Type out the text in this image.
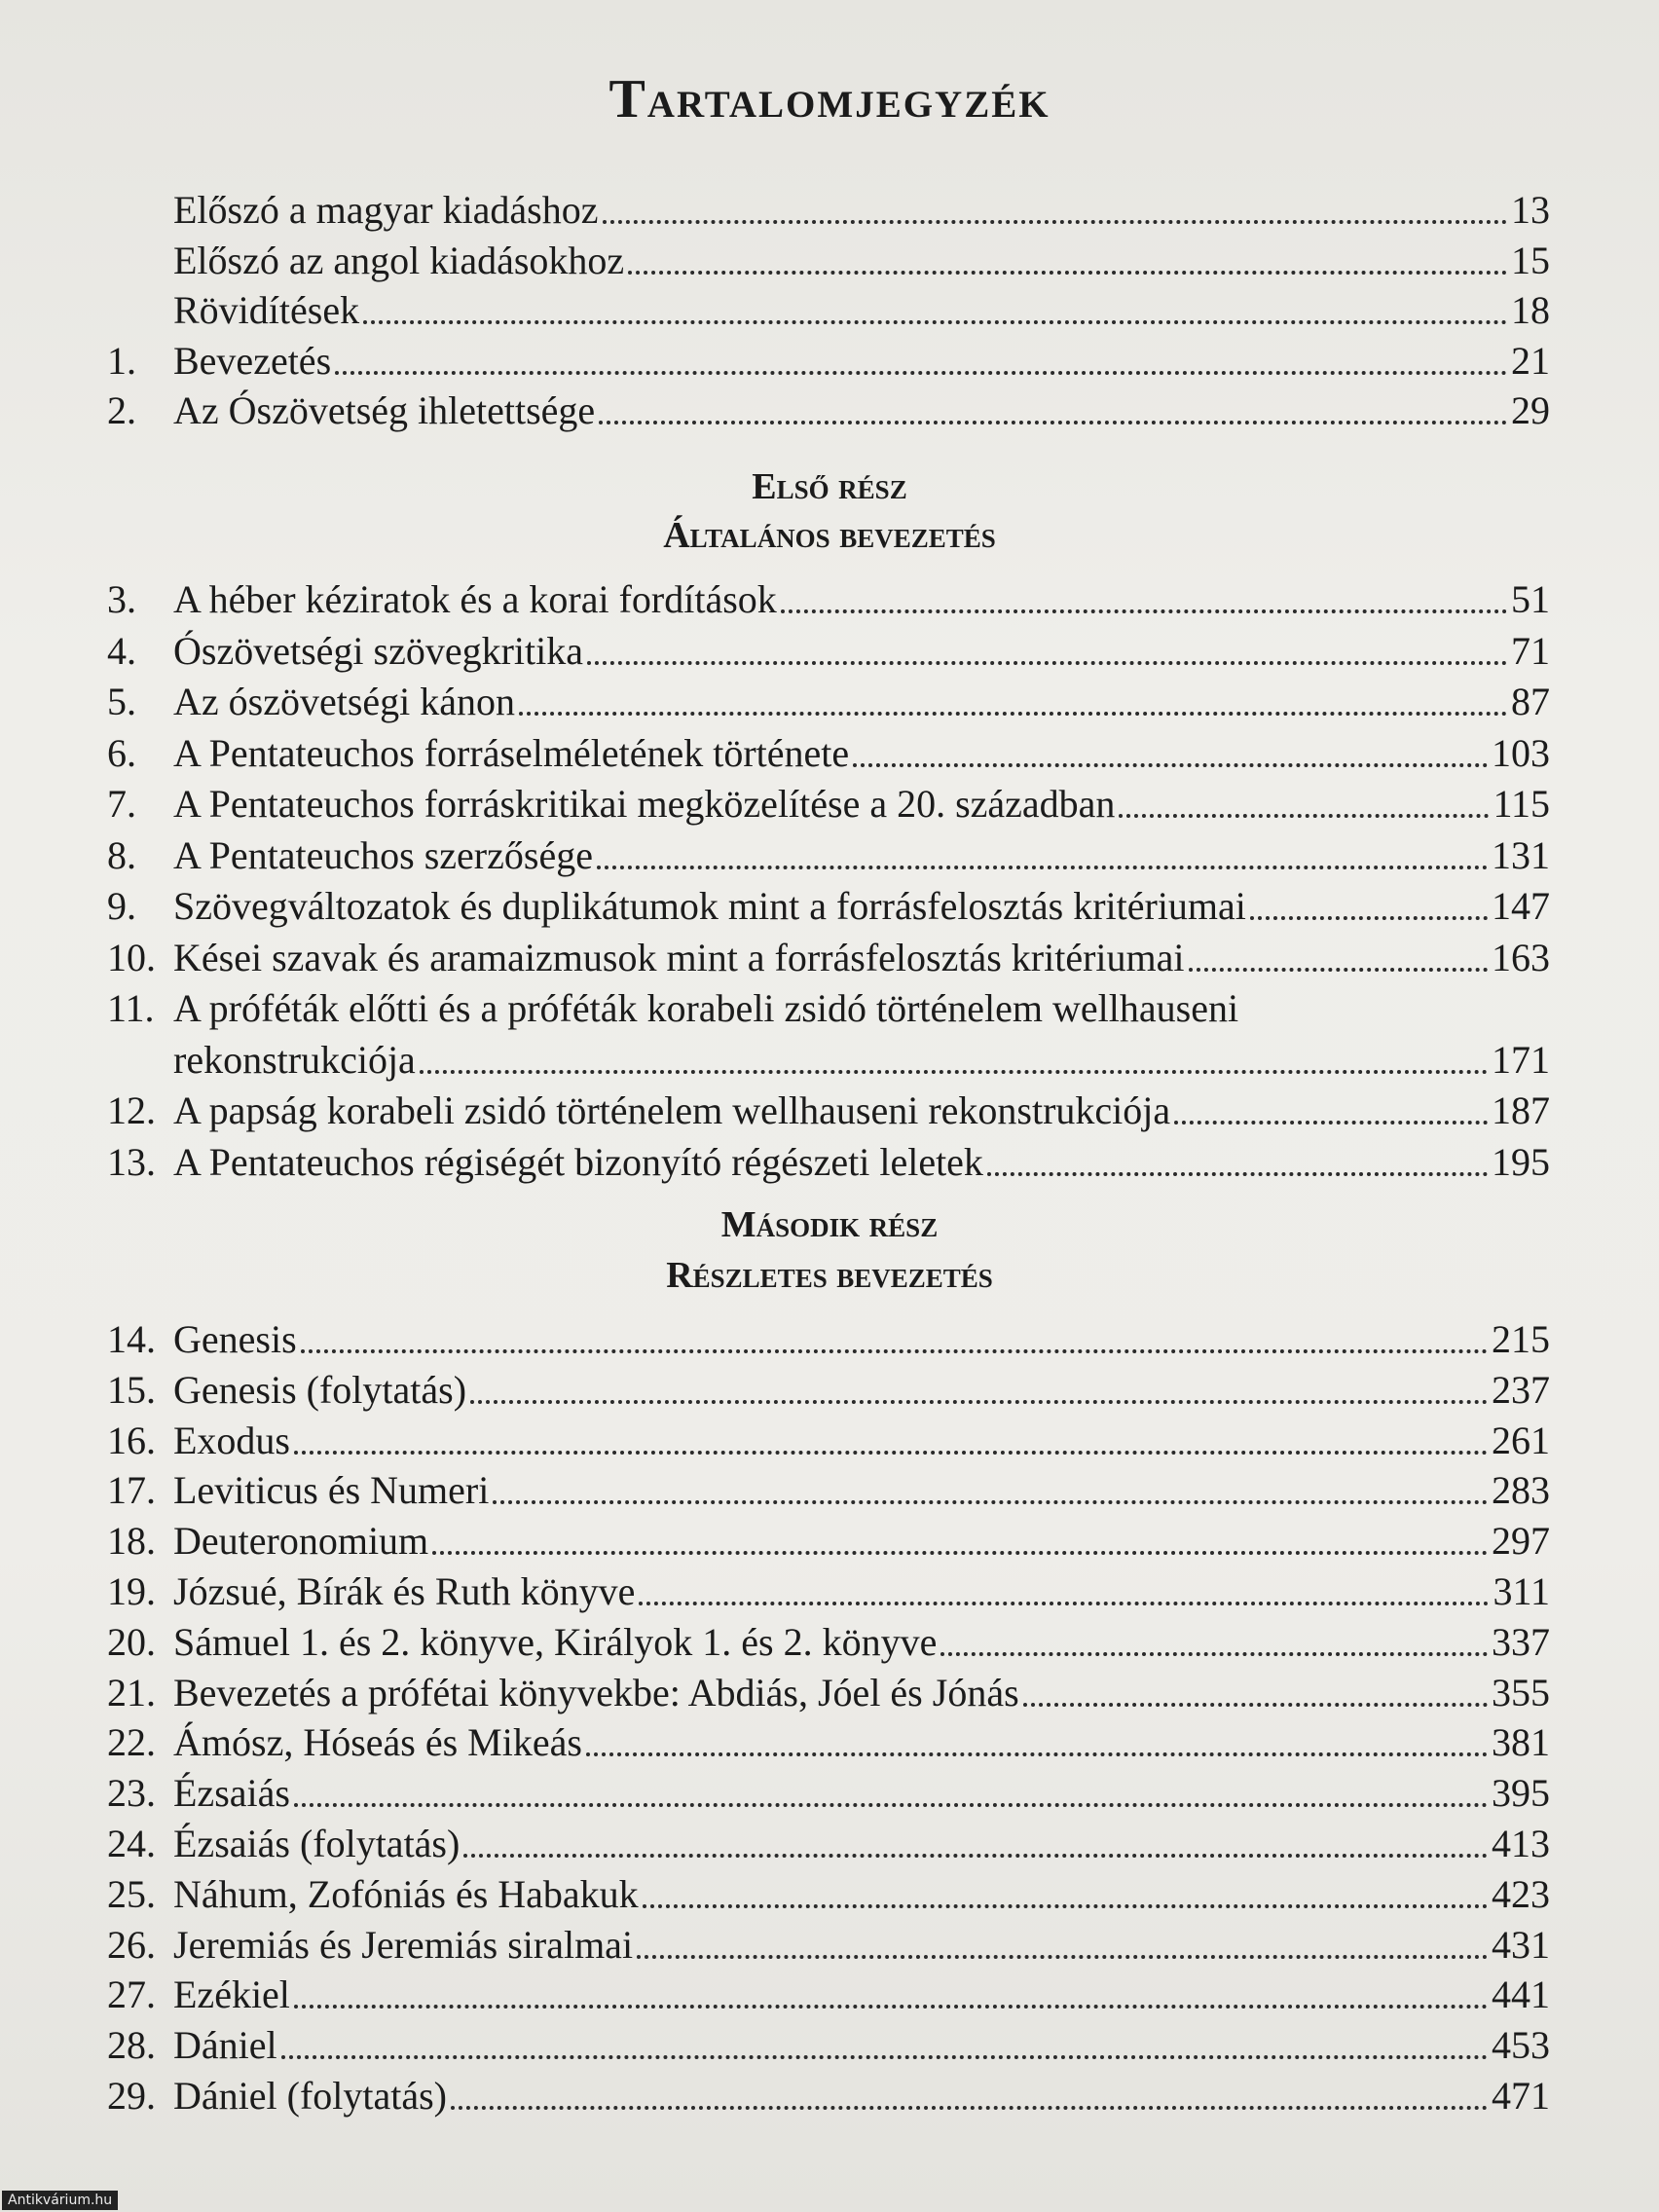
Tartalomjegyzék
Előszó a magyar kiadáshoz	13
Előszó az angol kiadásokhoz	15
Rövidítések	18
1. Bevezetés	21
2. Az Ószövetség ihletettsége	29
Első rész
Általános bevezetés
3. A héber kéziratok és a korai fordítások	51
4. Ószövetségi szövegkritika	71
5. Az ószövetségi kánon	87
6. A Pentateuchos forráselméletének története	103
7. A Pentateuchos forráskritikai megközelítése a 20. században	115
8. A Pentateuchos szerzősége	131
9. Szövegváltozatok és duplikátumok mint a forrásfelosztás kritériumai	147
10. Kései szavak és aramaizmusok mint a forrásfelosztás kritériumai	163
11. A próféták előtti és a próféták korabeli zsidó történelem wellhauseni
rekonstrukciója	171
12. A papság korabeli zsidó történelem wellhauseni rekonstrukciója	187
13. A Pentateuchos régiségét bizonyító régészeti leletek	195
Második rész
Részletes bevezetés
14. Genesis	215
15. Genesis (folytatás)	237
16. Exodus	261
17. Leviticus és Numeri	283
18. Deuteronomium	297
19. Józsué, Bírák és Ruth könyve	311
20. Sámuel 1. és 2. könyve, Királyok 1. és 2. könyve	337
21. Bevezetés a prófétai könyvekbe: Abdiás, Jóel és Jónás	355
22. Ámósz, Hóseás és Mikeás	381
23. Ézsaiás	395
24. Ézsaiás (folytatás)	413
25. Náhum, Zofóniás és Habakuk	423
26. Jeremiás és Jeremiás siralmai	431
27. Ezékiel	441
28. Dániel	453
29. Dániel (folytatás)	471
Antikvárium.hu
